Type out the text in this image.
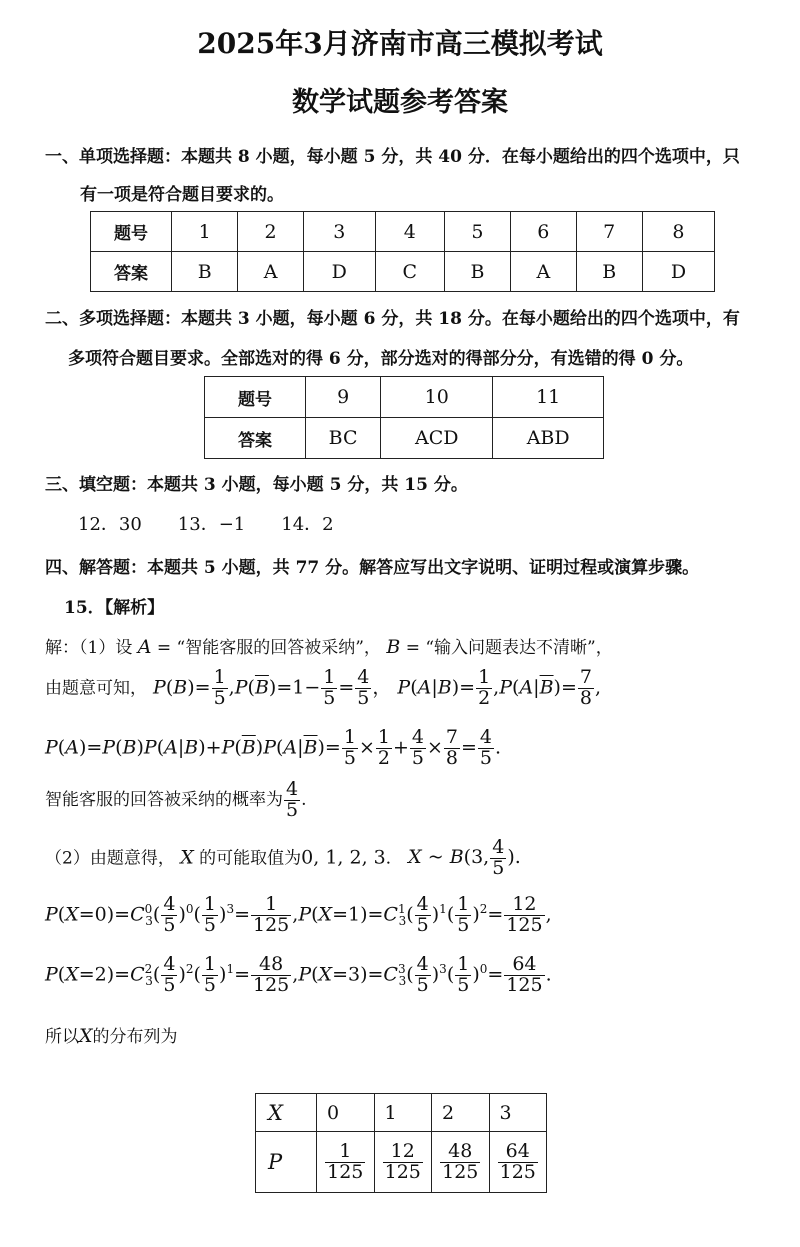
2025年3月济南市高三模拟考试
数学试题参考答案
一、单项选择题：本题共 8 小题，每小题 5 分，共 40 分．在每小题给出的四个选项中，只
有一项是符合题目要求的。
题号	1	2	3	4	5	6	7	8
答案	B	A	D	C	B	A	B	D
二、多项选择题：本题共 3 小题，每小题 6 分，共 18 分。在每小题给出的四个选项中，有
多项符合题目要求。全部选对的得 6 分，部分选对的得部分分，有选错的得 0 分。
题号	9	10	11
答案	BC	ACD	ABD
三、填空题：本题共 3 小题，每小题 5 分，共 15 分。
12．30　　13．−1　　14．2
四、解答题：本题共 5 小题，共 77 分。解答应写出文字说明、证明过程或演算步骤。
15．【解析】
解：（1）设 A = “智能客服的回答被采纳”， B = “输入问题表达不清晰”，
由题意可知， $P(B)= \frac{1}{5} ,P(\overline{B})=1- \frac{1}{5} = \frac{4}{5}$ ， $P(A|B)= \frac{1}{2} ,P(A|\overline{B})= \frac{7}{8}$ ,
$P(A)=P(B)P(A|B)+P(\overline{B})P(A|\overline{B})= \frac{1}{5} \times \frac{1}{2} + \frac{4}{5} \times \frac{7}{8} = \frac{4}{5}$ .
智能客服的回答被采纳的概率为 $\frac{4}{5}$ .
（2）由题意得， X 的可能取值为0, 1, 2, 3． X ~ B(3, $\frac{4}{5}$ ).
$P(X=0)=C^0_3( \frac{4}{5} )^0( \frac{1}{5} )^3= \frac{1}{125} ,P(X=1)=C^1_3( \frac{4}{5} )^1( \frac{1}{5} )^2= \frac{12}{125}$ ,
$P(X=2)=C^2_3( \frac{4}{5} )^2( \frac{1}{5} )^1= \frac{48}{125} ,P(X=3)=C^3_3( \frac{4}{5} )^3( \frac{1}{5} )^0= \frac{64}{125}$ .
所以X的分布列为
X	0	1	2	3
P	$\frac{1}{125}$	$\frac{12}{125}$	$\frac{48}{125}$	$\frac{64}{125}$
